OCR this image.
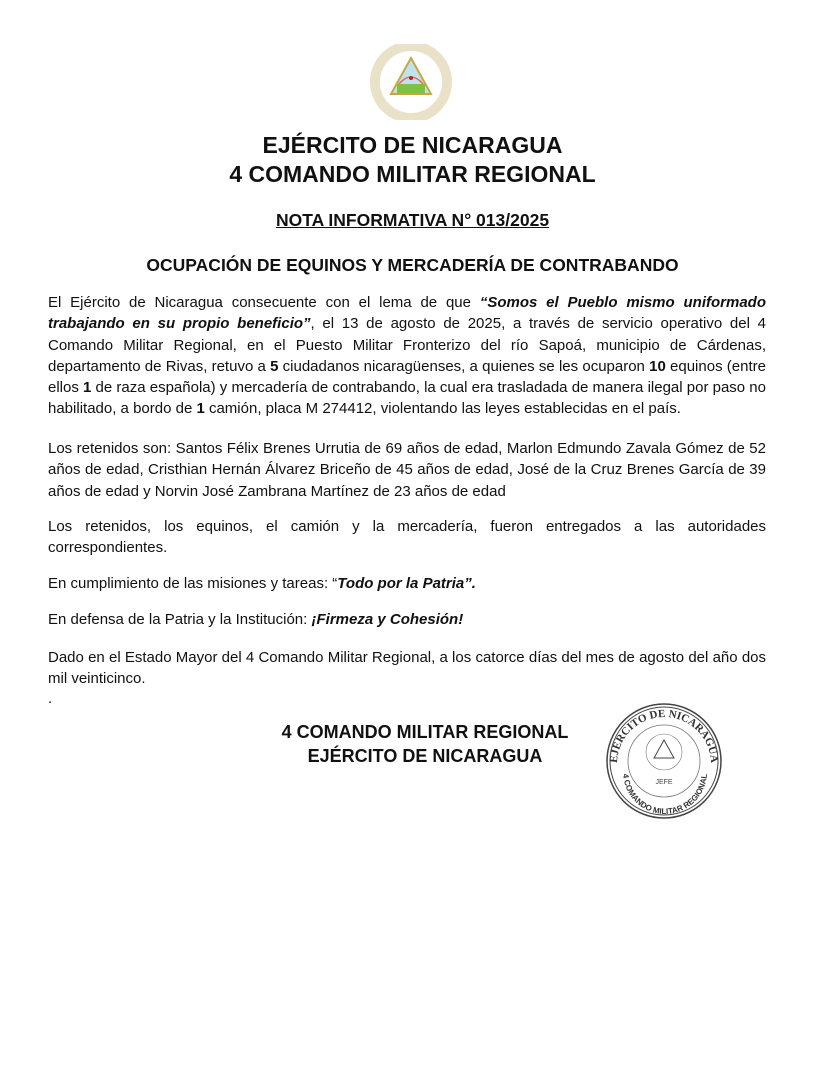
EJÉRCITO DE NICARAGUA
4 COMANDO MILITAR REGIONAL
NOTA INFORMATIVA N° 013/2025
OCUPACIÓN DE EQUINOS Y MERCADERÍA DE CONTRABANDO

El Ejército de Nicaragua consecuente con el lema de que “Somos el Pueblo mismo uniformado trabajando en su propio beneficio”, el 13 de agosto de 2025, a través de servicio operativo del 4 Comando Militar Regional, en el Puesto Militar Fronterizo del río Sapoá, municipio de Cárdenas, departamento de Rivas, retuvo a 5 ciudadanos nicaragüenses, a quienes se les ocuparon 10 equinos (entre ellos 1 de raza española) y mercadería de contrabando, la cual era trasladada de manera ilegal por paso no habilitado, a bordo de 1 camión, placa M 274412, violentando las leyes establecidas en el país.

Los retenidos son: Santos Félix Brenes Urrutia de 69 años de edad, Marlon Edmundo Zavala Gómez de 52 años de edad, Cristhian Hernán Álvarez Briceño de 45 años de edad, José de la Cruz Brenes García de 39 años de edad y Norvin José Zambrana Martínez de 23 años de edad

Los retenidos, los equinos, el camión y la mercadería, fueron entregados a las autoridades correspondientes.

En cumplimiento de las misiones y tareas: “Todo por la Patria”.

En defensa de la Patria y la Institución: ¡Firmeza y Cohesión!

Dado en el Estado Mayor del 4 Comando Militar Regional, a los catorce días del mes de agosto del año dos mil veinticinco.

.

4 COMANDO MILITAR REGIONAL
EJÉRCITO DE NICARAGUA	EJERCITO DE NICARAGUA
4 COMANDO MILITAR REGIONAL
JEFE
